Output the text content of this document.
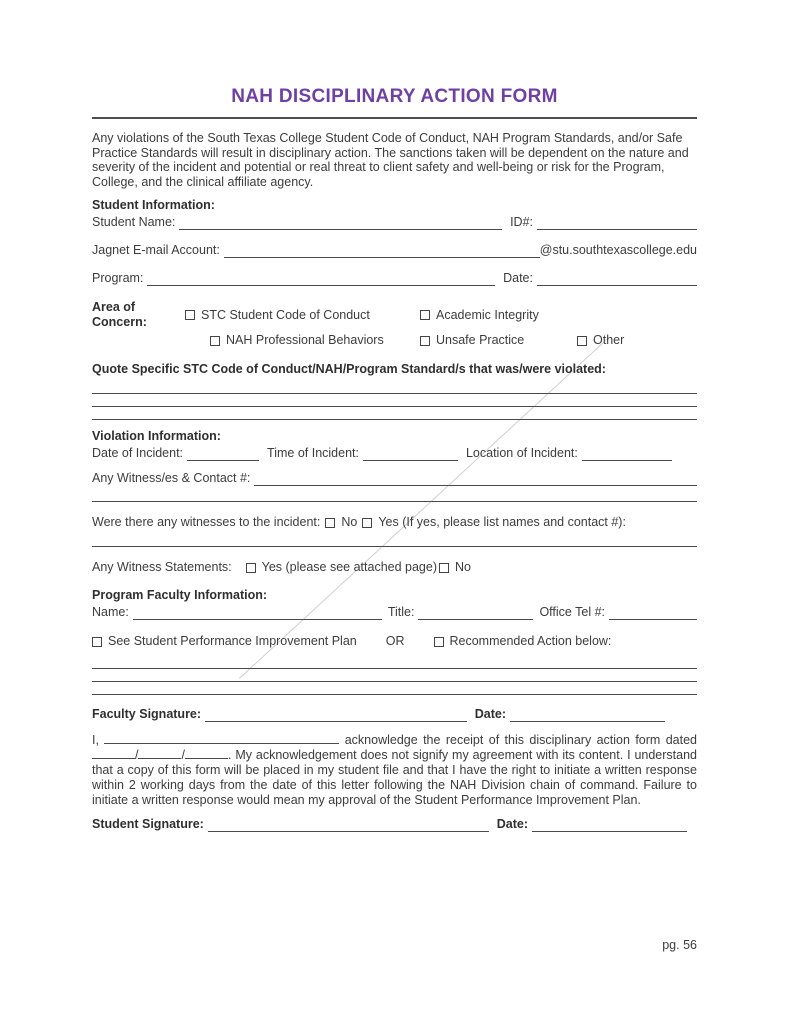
NAH DISCIPLINARY ACTION FORM

Any violations of the South Texas College Student Code of Conduct, NAH Program Standards, and/or Safe Practice Standards will result in disciplinary action. The sanctions taken will be dependent on the nature and severity of the incident and potential or real threat to client safety and well-being or risk for the Program, College, and the clinical affiliate agency.

Student Information:
Student Name:	ID#:
Jagnet E-mail Account:	@stu.southtexascollege.edu
Program:	Date:
Area of Concern:
STC Student Code of Conduct	Academic Integrity
NAH Professional Behaviors	Unsafe Practice	Other
Quote Specific STC Code of Conduct/NAH/Program Standard/s that was/were violated:
Violation Information:
Date of Incident:	Time of Incident:	Location of Incident:
Any Witness/es & Contact #:
Were there any witnesses to the incident: No Yes (If yes, please list names and contact #):
Any Witness Statements: Yes (please see attached page) No
Program Faculty Information:
Name:	Title:	Office Tel #:
See Student Performance Improvement Plan OR	Recommended Action below:
Faculty Signature:	Date:

I,	acknowledge the receipt of this disciplinary action form dated /	/	. My acknowledgement does not signify my agreement with its content. I understand that a copy of this form will be placed in my student file and that I have the right to initiate a written response within 2 working days from the date of this letter following the NAH Division chain of command. Failure to initiate a written response would mean my approval of the Student Performance Improvement Plan.

Student Signature:	Date:
pg. 56
